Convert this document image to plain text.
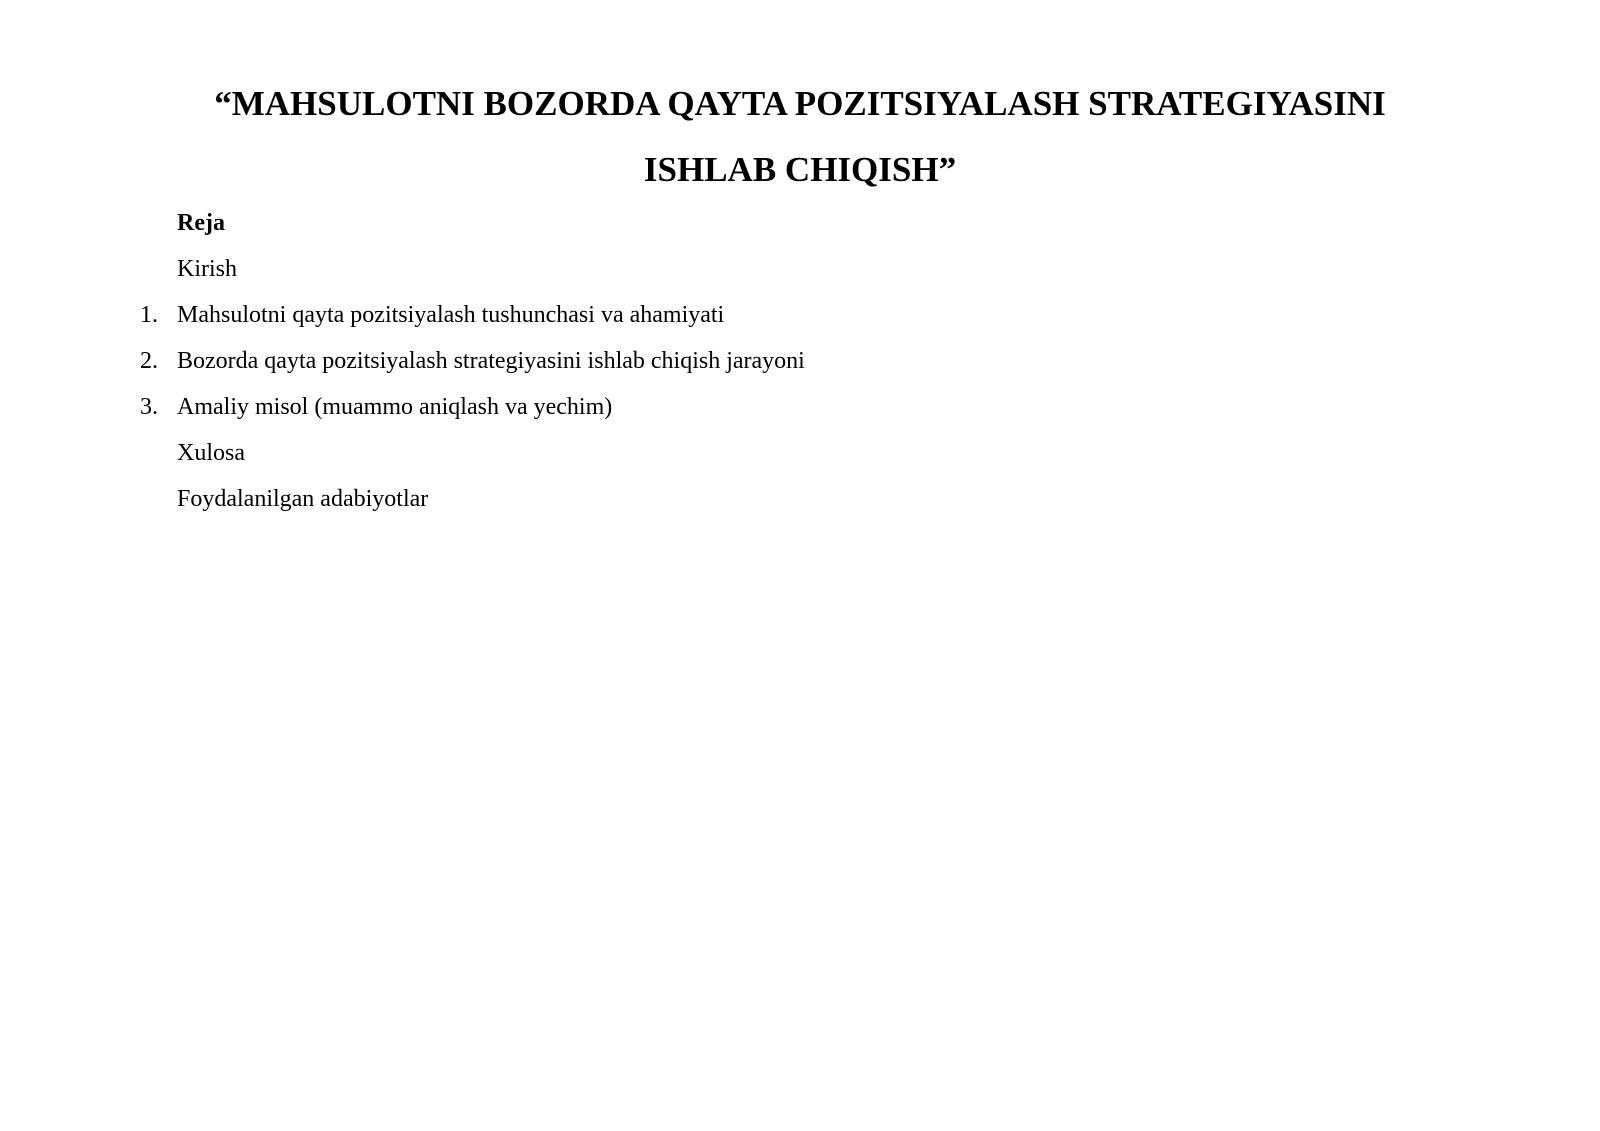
“MAHSULOTNI BOZORDA QAYTA POZITSIYALASH STRATEGIYASINI
ISHLAB CHIQISH”
Reja
Kirish
1. Mahsulotni qayta pozitsiyalash tushunchasi va ahamiyati
2. Bozorda qayta pozitsiyalash strategiyasini ishlab chiqish jarayoni
3. Amaliy misol (muammo aniqlash va yechim)
Xulosa
Foydalanilgan adabiyotlar
